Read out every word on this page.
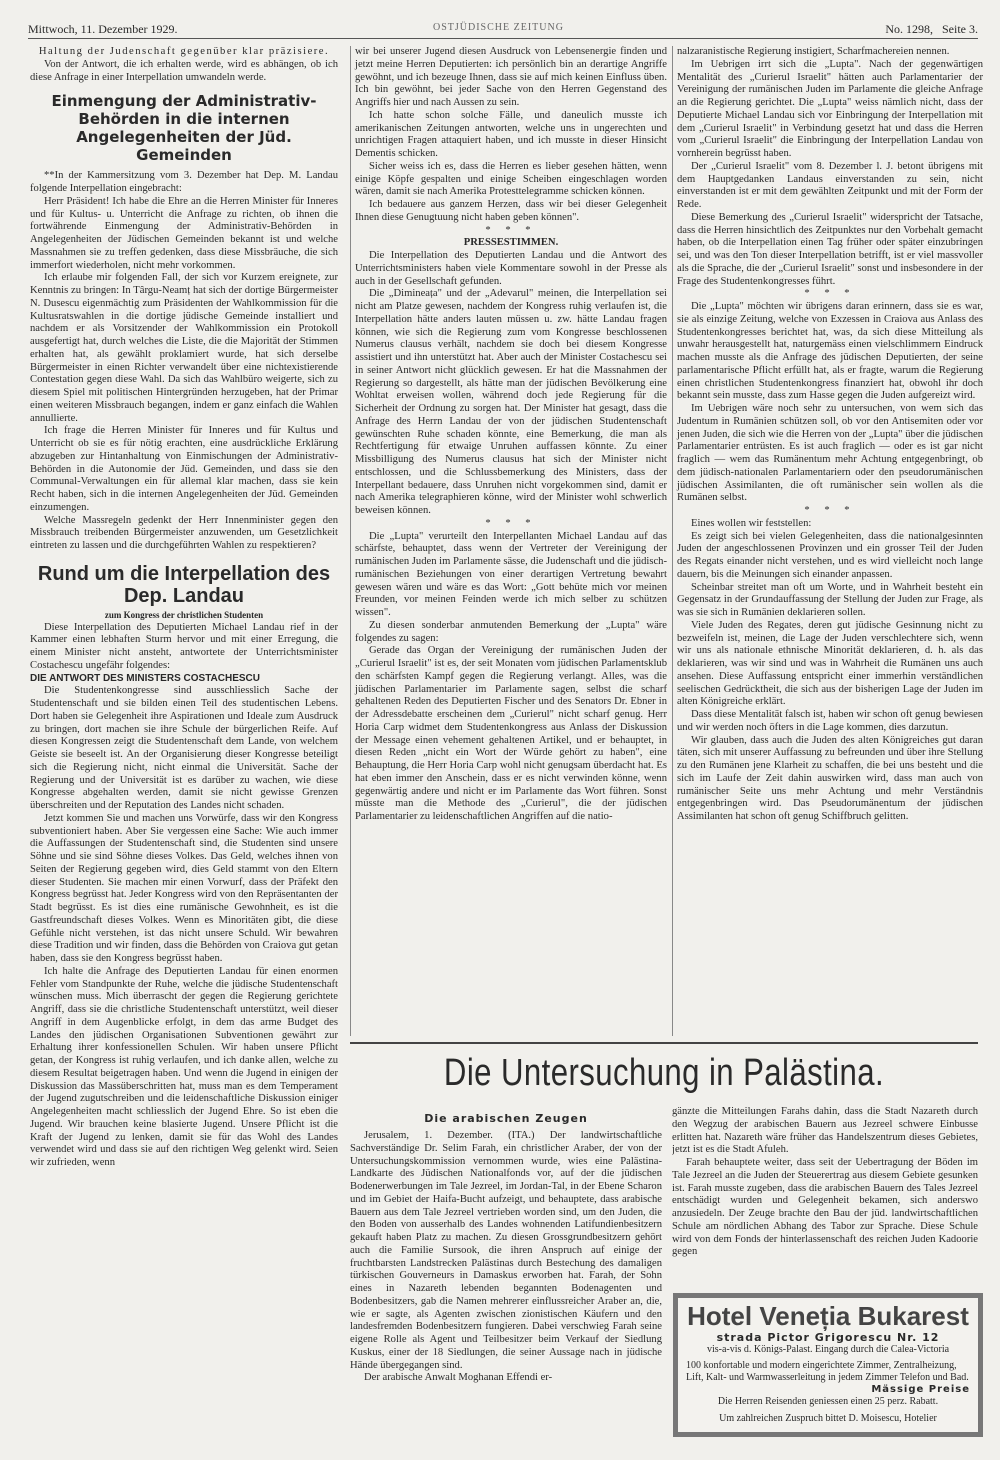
Mittwoch, 11. Dezember 1929.	OSTJÜDISCHE ZEITUNG	No. 1298, Seite 3.

Haltung der Judenschaft gegenüber klar präzisiere.

Von der Antwort, die ich erhalten werde, wird es abhängen, ob ich diese Anfrage in einer Interpellation umwandeln werde.

Einmengung der Administrativ-Behörden in die internen Angelegenheiten der Jüd. Gemeinden

**In der Kammersitzung vom 3. Dezember hat Dep. M. Landau folgende Interpellation eingebracht:

Herr Präsident! Ich habe die Ehre an die Herren Minister für Inneres und für Kultus- u. Unterricht die Anfrage zu richten, ob ihnen die fortwährende Einmengung der Administrativ-Behörden in Angelegenheiten der Jüdischen Gemeinden bekannt ist und welche Massnahmen sie zu treffen gedenken, dass diese Missbräuche, die sich immerfort wiederholen, nicht mehr vorkommen.

Ich erlaube mir folgenden Fall, der sich vor Kurzem ereignete, zur Kenntnis zu bringen: In Târgu-Neamț hat sich der dortige Bürgermeister N. Dusescu eigenmächtig zum Präsidenten der Wahlkommission für die Kultusratswahlen in die dortige jüdische Gemeinde installiert und nachdem er als Vorsitzender der Wahlkommission ein Protokoll ausgefertigt hat, durch welches die Liste, die die Majorität der Stimmen erhalten hat, als gewählt proklamiert wurde, hat sich derselbe Bürgermeister in einen Richter verwandelt über eine nichtexistierende Contestation gegen diese Wahl. Da sich das Wahlbüro weigerte, sich zu diesem Spiel mit politischen Hintergründen herzugeben, hat der Primar einen weiteren Missbrauch begangen, indem er ganz einfach die Wahlen annullierte.

Ich frage die Herren Minister für Inneres und für Kultus und Unterricht ob sie es für nötig erachten, eine ausdrückliche Erklärung abzugeben zur Hintanhaltung von Einmischungen der Administrativ-Behörden in die Autonomie der Jüd. Gemeinden, und dass sie den Communal-Verwaltungen ein für allemal klar machen, dass sie kein Recht haben, sich in die internen Angelegenheiten der Jüd. Gemeinden einzumengen.

Welche Massregeln gedenkt der Herr Innenminister gegen den Missbrauch treibenden Bürgermeister anzuwenden, um Gesetzlichkeit eintreten zu lassen und die durchgeführten Wahlen zu respektieren?

Rund um die Interpellation des Dep. Landau

zum Kongress der christlichen Studenten

Diese Interpellation des Deputierten Michael Landau rief in der Kammer einen lebhaften Sturm hervor und mit einer Erregung, die einem Minister nicht ansteht, antwortete der Unterrichtsminister Costachescu ungefähr folgendes:

DIE ANTWORT DES MINISTERS COSTACHESCU

Die Studentenkongresse sind ausschliesslich Sache der Studentenschaft und sie bilden einen Teil des studentischen Lebens. Dort haben sie Gelegenheit ihre Aspirationen und Ideale zum Ausdruck zu bringen, dort machen sie ihre Schule der bürgerlichen Reife. Auf diesen Kongressen zeigt die Studentenschaft dem Lande, von welchem Geiste sie beseelt ist. An der Organisierung dieser Kongresse beteiligt sich die Regierung nicht, nicht einmal die Universität. Sache der Regierung und der Universität ist es darüber zu wachen, wie diese Kongresse abgehalten werden, damit sie nicht gewisse Grenzen überschreiten und der Reputation des Landes nicht schaden.

Jetzt kommen Sie und machen uns Vorwürfe, dass wir den Kongress subventioniert haben. Aber Sie vergessen eine Sache: Wie auch immer die Auffassungen der Studentenschaft sind, die Studenten sind unsere Söhne und sie sind Söhne dieses Volkes. Das Geld, welches ihnen von Seiten der Regierung gegeben wird, dies Geld stammt von den Eltern dieser Studenten. Sie machen mir einen Vorwurf, dass der Präfekt den Kongress begrüsst hat. Jeder Kongress wird von den Repräsentanten der Stadt begrüsst. Es ist dies eine rumänische Gewohnheit, es ist die Gastfreundschaft dieses Volkes. Wenn es Minoritäten gibt, die diese Gefühle nicht verstehen, ist das nicht unsere Schuld. Wir bewahren diese Tradition und wir finden, dass die Behörden von Craiova gut getan haben, dass sie den Kongress begrüsst haben.

Ich halte die Anfrage des Deputierten Landau für einen enormen Fehler vom Standpunkte der Ruhe, welche die jüdische Studentenschaft wünschen muss. Mich überrascht der gegen die Regierung gerichtete Angriff, dass sie die christliche Studentenschaft unterstützt, weil dieser Angriff in dem Augenblicke erfolgt, in dem das arme Budget des Landes den jüdischen Organisationen Subventionen gewährt zur Erhaltung ihrer konfessionellen Schulen. Wir haben unsere Pflicht getan, der Kongress ist ruhig verlaufen, und ich danke allen, welche zu diesem Resultat beigetragen haben. Und wenn die Jugend in einigen der Diskussion das Massüberschritten hat, muss man es dem Temperament der Jugend zugutschreiben und die leidenschaftliche Diskussion einiger Angelegenheiten macht schliesslich der Jugend Ehre. So ist eben die Jugend. Wir brauchen keine blasierte Jugend. Unsere Pflicht ist die Kraft der Jugend zu lenken, damit sie für das Wohl des Landes verwendet wird und dass sie auf den richtigen Weg gelenkt wird. Seien wir zufrieden, wenn

wir bei unserer Jugend diesen Ausdruck von Lebensenergie finden und jetzt meine Herren Deputierten: ich persönlich bin an derartige Angriffe gewöhnt, und ich bezeuge Ihnen, dass sie auf mich keinen Einfluss üben. Ich bin gewöhnt, bei jeder Sache von den Herren Gegenstand des Angriffs hier und nach Aussen zu sein.

Ich hatte schon solche Fälle, und daneulich musste ich amerikanischen Zeitungen antworten, welche uns in ungerechten und unrichtigen Fragen attaquiert haben, und ich musste in dieser Hinsicht Dementis schicken.

Sicher weiss ich es, dass die Herren es lieber gesehen hätten, wenn einige Köpfe gespalten und einige Scheiben eingeschlagen worden wären, damit sie nach Amerika Protesttelegramme schicken können.

Ich bedauere aus ganzem Herzen, dass wir bei dieser Gelegenheit Ihnen diese Genugtuung nicht haben geben können".

* * *

PRESSESTIMMEN.

Die Interpellation des Deputierten Landau und die Antwort des Unterrichtsministers haben viele Kommentare sowohl in der Presse als auch in der Gesellschaft gefunden.

Die „Dimineața" und der „Adevarul" meinen, die Interpellation sei nicht am Platze gewesen, nachdem der Kongress ruhig verlaufen ist, die Interpellation hätte anders lauten müssen u. zw. hätte Landau fragen können, wie sich die Regierung zum vom Kongresse beschlossenen Numerus clausus verhält, nachdem sie doch bei diesem Kongresse assistiert und ihn unterstützt hat. Aber auch der Minister Costachescu sei in seiner Antwort nicht glücklich gewesen. Er hat die Massnahmen der Regierung so dargestellt, als hätte man der jüdischen Bevölkerung eine Wohltat erweisen wollen, während doch jede Regierung für die Sicherheit der Ordnung zu sorgen hat. Der Minister hat gesagt, dass die Anfrage des Herrn Landau der von der jüdischen Studentenschaft gewünschten Ruhe schaden könnte, eine Bemerkung, die man als Rechtfertigung für etwaige Unruhen auffassen könnte. Zu einer Missbilligung des Numerus clausus hat sich der Minister nicht entschlossen, und die Schlussbemerkung des Ministers, dass der Interpellant bedauere, dass Unruhen nicht vorgekommen sind, damit er nach Amerika telegraphieren könne, wird der Minister wohl schwerlich beweisen können.

* * *

Die „Lupta" verurteilt den Interpellanten Michael Landau auf das schärfste, behauptet, dass wenn der Vertreter der Vereinigung der rumänischen Juden im Parlamente sässe, die Judenschaft und die jüdisch-rumänischen Beziehungen von einer derartigen Vertretung bewahrt gewesen wären und wäre es das Wort: „Gott behüte mich vor meinen Freunden, vor meinen Feinden werde ich mich selber zu schützen wissen".

Zu diesen sonderbar anmutenden Bemerkung der „Lupta" wäre folgendes zu sagen:

Gerade das Organ der Vereinigung der rumänischen Juden der „Curierul Israelit" ist es, der seit Monaten vom jüdischen Parlamentsklub den schärfsten Kampf gegen die Regierung verlangt. Alles, was die jüdischen Parlamentarier im Parlamente sagen, selbst die scharf gehaltenen Reden des Deputierten Fischer und des Senators Dr. Ebner in der Adressdebatte erscheinen dem „Curierul" nicht scharf genug. Herr Horia Carp widmet dem Studentenkongress aus Anlass der Diskussion der Message einen vehement gehaltenen Artikel, und er behauptet, in diesen Reden „nicht ein Wort der Würde gehört zu haben", eine Behauptung, die Herr Horia Carp wohl nicht genugsam überdacht hat. Es hat eben immer den Anschein, dass er es nicht verwinden könne, wenn gegenwärtig andere und nicht er im Parlamente das Wort führen. Sonst müsste man die Methode des „Curierul", die der jüdischen Parlamentarier zu leidenschaftlichen Angriffen auf die natio-

nalzaranistische Regierung instigiert, Scharfmachereien nennen.

Im Uebrigen irrt sich die „Lupta". Nach der gegenwärtigen Mentalität des „Curierul Israelit" hätten auch Parlamentarier der Vereinigung der rumänischen Juden im Parlamente die gleiche Anfrage an die Regierung gerichtet. Die „Lupta" weiss nämlich nicht, dass der Deputierte Michael Landau sich vor Einbringung der Interpellation mit dem „Curierul Israelit" in Verbindung gesetzt hat und dass die Herren vom „Curierul Israelit" die Einbringung der Interpellation Landau von vornherein begrüsst haben.

Der „Curierul Israelit" vom 8. Dezember l. J. betont übrigens mit dem Hauptgedanken Landaus einverstanden zu sein, nicht einverstanden ist er mit dem gewählten Zeitpunkt und mit der Form der Rede.

Diese Bemerkung des „Curierul Israelit" widerspricht der Tatsache, dass die Herren hinsichtlich des Zeitpunktes nur den Vorbehalt gemacht haben, ob die Interpellation einen Tag früher oder später einzubringen sei, und was den Ton dieser Interpellation betrifft, ist er viel massvoller als die Sprache, die der „Curierul Israelit" sonst und insbesondere in der Frage des Studentenkongresses führt.

* * *

Die „Lupta" möchten wir übrigens daran erinnern, dass sie es war, sie als einzige Zeitung, welche von Exzessen in Craiova aus Anlass des Studentenkongresses berichtet hat, was, da sich diese Mitteilung als unwahr herausgestellt hat, naturgemäss einen vielschlimmern Eindruck machen musste als die Anfrage des jüdischen Deputierten, der seine parlamentarische Pflicht erfüllt hat, als er fragte, warum die Regierung einen christlichen Studentenkongress finanziert hat, obwohl ihr doch bekannt sein musste, dass zum Hasse gegen die Juden aufgereizt wird.

Im Uebrigen wäre noch sehr zu untersuchen, von wem sich das Judentum in Rumänien schützen soll, ob vor den Antisemiten oder vor jenen Juden, die sich wie die Herren von der „Lupta" über die jüdischen Parlamentarier entrüsten. Es ist auch fraglich — oder es ist gar nicht fraglich — wem das Rumänentum mehr Achtung entgegenbringt, ob dem jüdisch-nationalen Parlamentariern oder den pseudorumänischen jüdischen Assimilanten, die oft rumänischer sein wollen als die Rumänen selbst.

* * *

Eines wollen wir feststellen:

Es zeigt sich bei vielen Gelegenheiten, dass die nationalgesinnten Juden der angeschlossenen Provinzen und ein grosser Teil der Juden des Regats einander nicht verstehen, und es wird vielleicht noch lange dauern, bis die Meinungen sich einander anpassen.

Scheinbar streitet man oft um Worte, und in Wahrheit besteht ein Gegensatz in der Grundauffassung der Stellung der Juden zur Frage, als was sie sich in Rumänien deklarieren sollen.

Viele Juden des Regates, deren gut jüdische Gesinnung nicht zu bezweifeln ist, meinen, die Lage der Juden verschlechtere sich, wenn wir uns als nationale ethnische Minorität deklarieren, d. h. als das deklarieren, was wir sind und was in Wahrheit die Rumänen uns auch ansehen. Diese Auffassung entspricht einer immerhin verständlichen seelischen Gedrücktheit, die sich aus der bisherigen Lage der Juden im alten Königreiche erklärt.

Dass diese Mentalität falsch ist, haben wir schon oft genug bewiesen und wir werden noch öfters in die Lage kommen, dies darzutun.

Wir glauben, dass auch die Juden des alten Königreiches gut daran täten, sich mit unserer Auffassung zu befreunden und über ihre Stellung zu den Rumänen jene Klarheit zu schaffen, die bei uns besteht und die sich im Laufe der Zeit dahin auswirken wird, dass man auch von rumänischer Seite uns mehr Achtung und mehr Verständnis entgegenbringen wird. Das Pseudorumänentum der jüdischen Assimilanten hat schon oft genug Schiffbruch gelitten.

Die Untersuchung in Palästina.
Die arabischen Zeugen

Jerusalem, 1. Dezember. (ITA.) Der landwirtschaftliche Sachverständige Dr. Selim Farah, ein christlicher Araber, der von der Untersuchungskommission vernommen wurde, wies eine Palästina-Landkarte des Jüdischen Nationalfonds vor, auf der die jüdischen Bodenerwerbungen im Tale Jezreel, im Jordan-Tal, in der Ebene Scharon und im Gebiet der Haifa-Bucht aufzeigt, und behauptete, dass arabische Bauern aus dem Tale Jezreel vertrieben worden sind, um den Juden, die den Boden von ausserhalb des Landes wohnenden Latifundienbesitzern gekauft haben Platz zu machen. Zu diesen Grossgrundbesitzern gehört auch die Familie Sursook, die ihren Anspruch auf einige der fruchtbarsten Landstrecken Palästinas durch Bestechung des damaligen türkischen Gouverneurs in Damaskus erworben hat. Farah, der Sohn eines in Nazareth lebenden begannten Bodenagenten und Bodenbesitzers, gab die Namen mehrerer einflussreicher Araber an, die, wie er sagte, als Agenten zwischen zionistischen Käufern und den landesfremden Bodenbesitzern fungieren. Dabei verschwieg Farah seine eigene Rolle als Agent und Teilbesitzer beim Verkauf der Siedlung Kuskus, einer der 18 Siedlungen, die seiner Aussage nach in jüdische Hände übergegangen sind.

Der arabische Anwalt Moghanan Effendi er-

gänzte die Mitteilungen Farahs dahin, dass die Stadt Nazareth durch den Wegzug der arabischen Bauern aus Jezreel schwere Einbusse erlitten hat. Nazareth wäre früher das Handelszentrum dieses Gebietes, jetzt ist es die Stadt Afuleh.

Farah behauptete weiter, dass seit der Uebertragung der Böden im Tale Jezreel an die Juden der Steuerertrag aus diesem Gebiete gesunken ist. Farah musste zugeben, dass die arabischen Bauern des Tales Jezreel entschädigt wurden und Gelegenheit bekamen, sich anderswo anzusiedeln. Der Zeuge brachte den Bau der jüd. landwirtschaftlichen Schule am nördlichen Abhang des Tabor zur Sprache. Diese Schule wird von dem Fonds der hinterlassenschaft des reichen Juden Kadoorie gegen

Hotel Veneția Bukarest
strada Pictor Grigorescu Nr. 12
vis-a-vis d. Königs-Palast. Eingang durch die Calea-Victoria
100 konfortable und modern eingerichtete Zimmer, Zentralheizung, Lift, Kalt- und Warmwasserleitung in jedem Zimmer Telefon und Bad.
Mässige Preise
Die Herren Reisenden geniessen einen 25 perz. Rabatt.
Um zahlreichen Zuspruch bittet D. Moisescu, Hotelier
